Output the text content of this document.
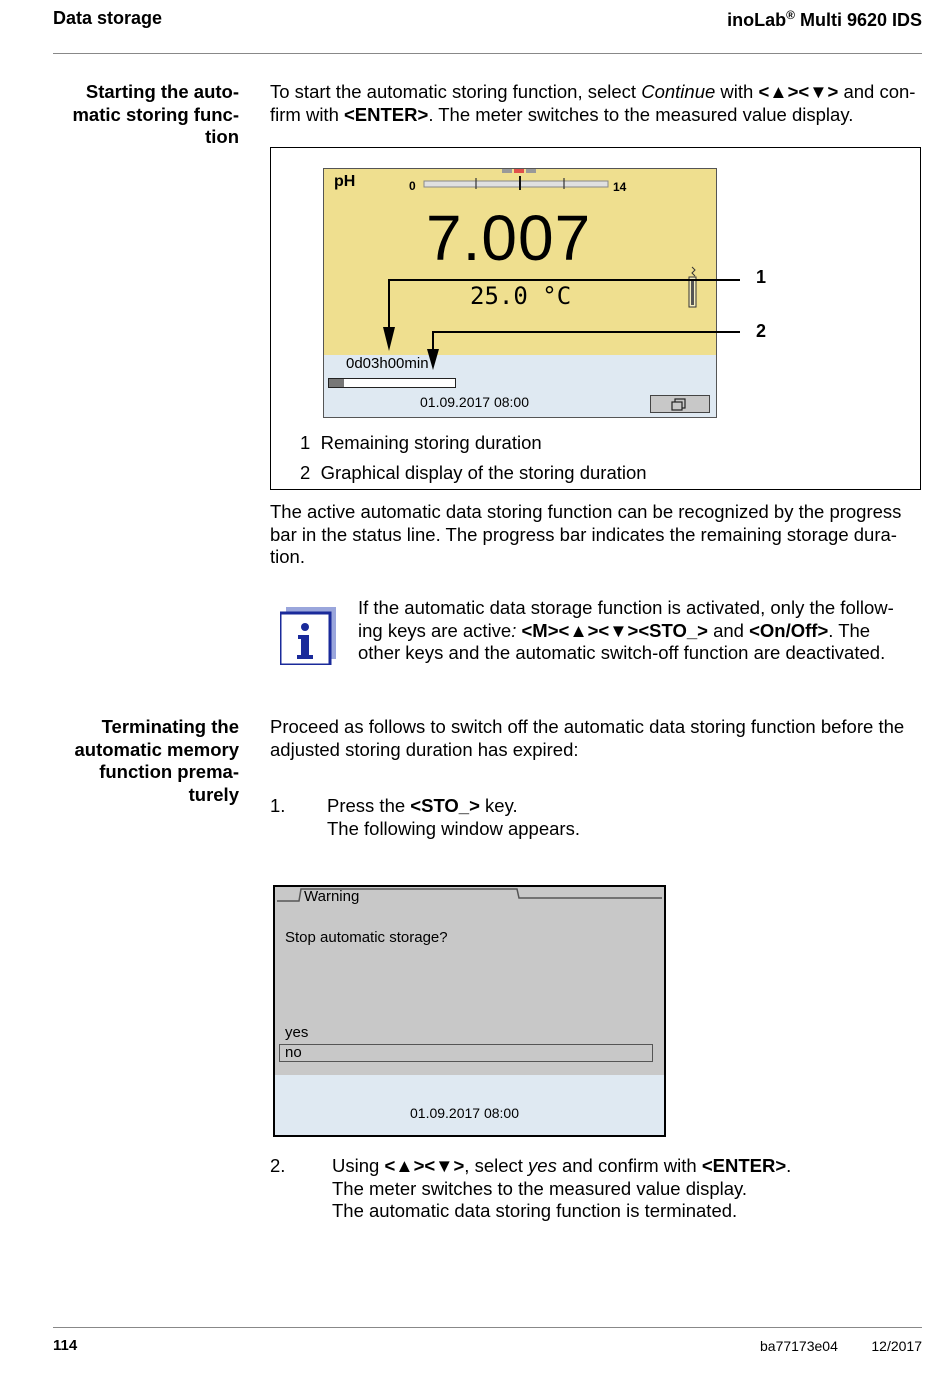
Data storage	inoLab® Multi 9620 IDS
Starting the auto-
matic storing func-
tion
To start the automatic storing function, select Continue with <▲><▼> and con-
firm with <ENTER>. The meter switches to the measured value display.
pH	0	14
7.007
25.0 °C
0d03h00min
01.09.2017 08:00
1
2
1 Remaining storing duration
2 Graphical display of the storing duration
The active automatic data storing function can be recognized by the progress
bar in the status line. The progress bar indicates the remaining storage dura-
tion.
If the automatic data storage function is activated, only the follow-
ing keys are active: <M><▲><▼><STO_> and <On/Off>. The
other keys and the automatic switch-off function are deactivated.
Terminating the
automatic memory
function prema-
turely
Proceed as follows to switch off the automatic data storing function before the
adjusted storing duration has expired:
1. Press the <STO_> key.
The following window appears.
Warning
Stop automatic storage?
yes
no
01.09.2017 08:00
2.	Using <▲><▼>, select yes and confirm with <ENTER>.
The meter switches to the measured value display.
The automatic data storing function is terminated.
114	ba77173e04 12/2017
